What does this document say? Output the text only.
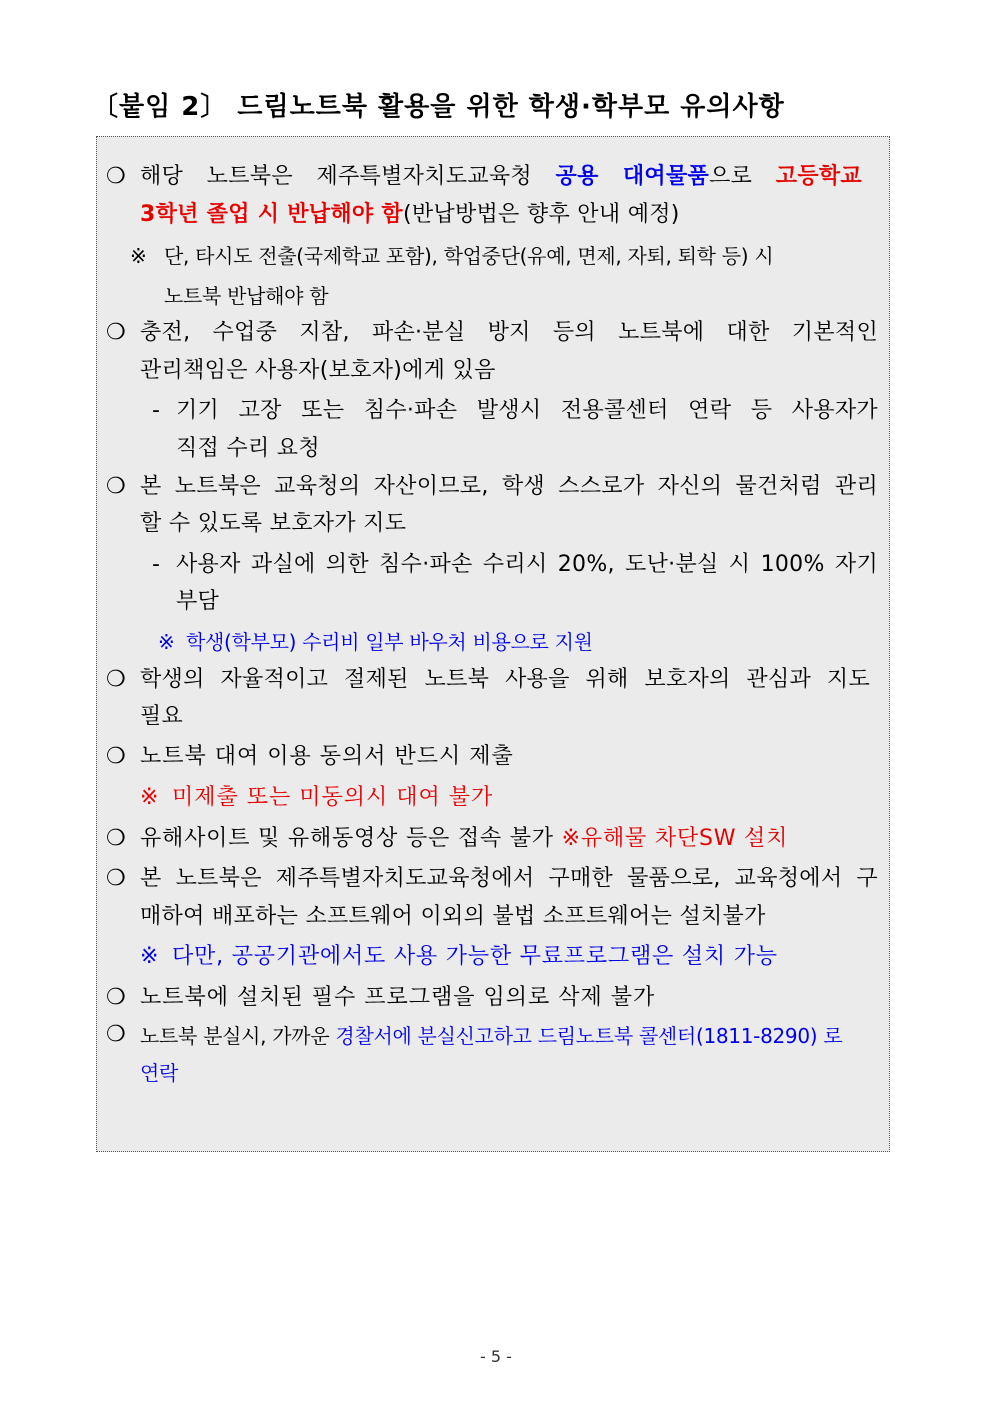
〔붙임 2〕 드림노트북 활용을 위한 학생·학부모 유의사항
❍ 해당 노트북은 제주특별자치도교육청 공용 대여물품으로 고등학교
3학년 졸업 시 반납해야 함(반납방법은 향후 안내 예정)
※ 단, 타시도 전출(국제학교 포함), 학업중단(유예, 면제, 자퇴, 퇴학 등) 시
노트북 반납해야 함
❍ 충전, 수업중 지참, 파손·분실 방지 등의 노트북에 대한 기본적인
관리책임은 사용자(보호자)에게 있음
- 기기 고장 또는 침수·파손 발생시 전용콜센터 연락 등 사용자가
직접 수리 요청
❍ 본 노트북은 교육청의 자산이므로, 학생 스스로가 자신의 물건처럼 관리
할 수 있도록 보호자가 지도
- 사용자 과실에 의한 침수·파손 수리시 20%, 도난·분실 시 100% 자기
부담
※ 학생(학부모) 수리비 일부 바우처 비용으로 지원
❍ 학생의 자율적이고 절제된 노트북 사용을 위해 보호자의 관심과 지도
필요
❍ 노트북 대여 이용 동의서 반드시 제출
※ 미제출 또는 미동의시 대여 불가
❍ 유해사이트 및 유해동영상 등은 접속 불가 ※유해물 차단SW 설치
❍ 본 노트북은 제주특별자치도교육청에서 구매한 물품으로, 교육청에서 구
매하여 배포하는 소프트웨어 이외의 불법 소프트웨어는 설치불가
※ 다만, 공공기관에서도 사용 가능한 무료프로그램은 설치 가능
❍ 노트북에 설치된 필수 프로그램을 임의로 삭제 불가
❍ 노트북 분실시, 가까운 경찰서에 분실신고하고 드림노트북 콜센터(1811-8290) 로
연락
- 5 -
